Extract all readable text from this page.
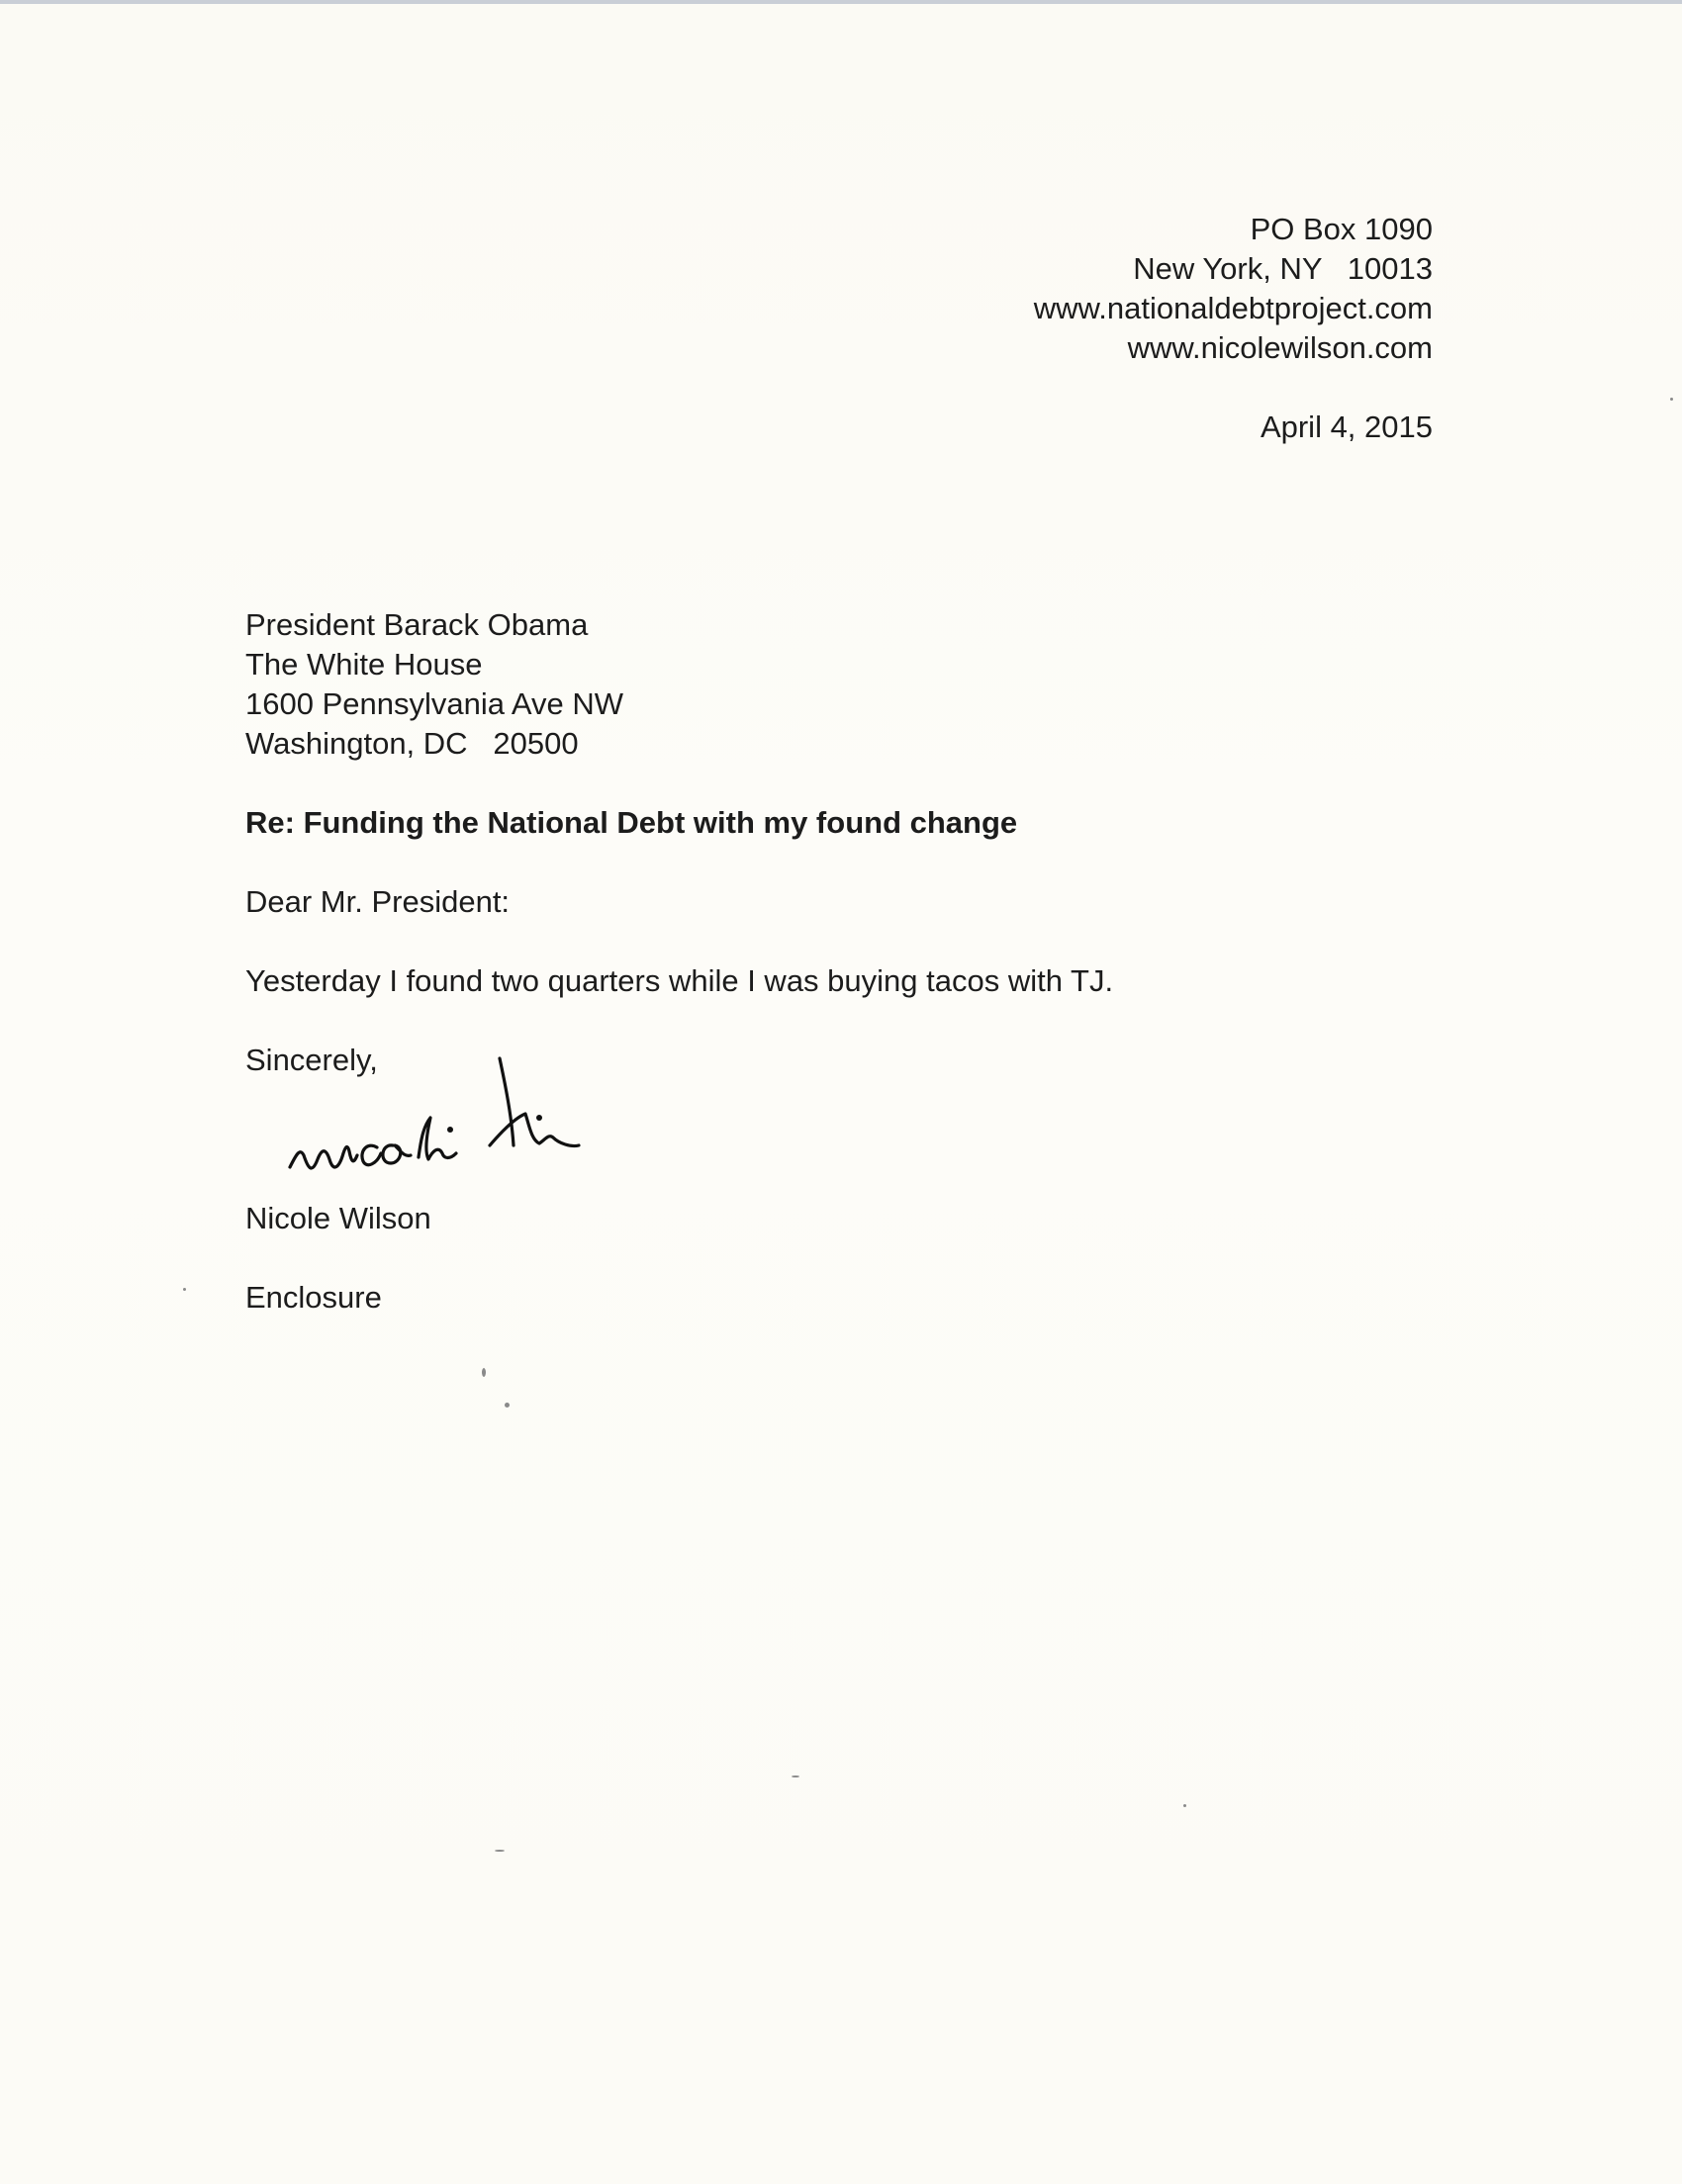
PO Box 1090
New York, NY   10013
www.nationaldebtproject.com
www.nicolewilson.com
April 4, 2015
President Barack Obama
The White House
1600 Pennsylvania Ave NW
Washington, DC   20500
Re: Funding the National Debt with my found change
Dear Mr. President:
Yesterday I found two quarters while I was buying tacos with TJ.
Sincerely,
Nicole Wilson
Enclosure
